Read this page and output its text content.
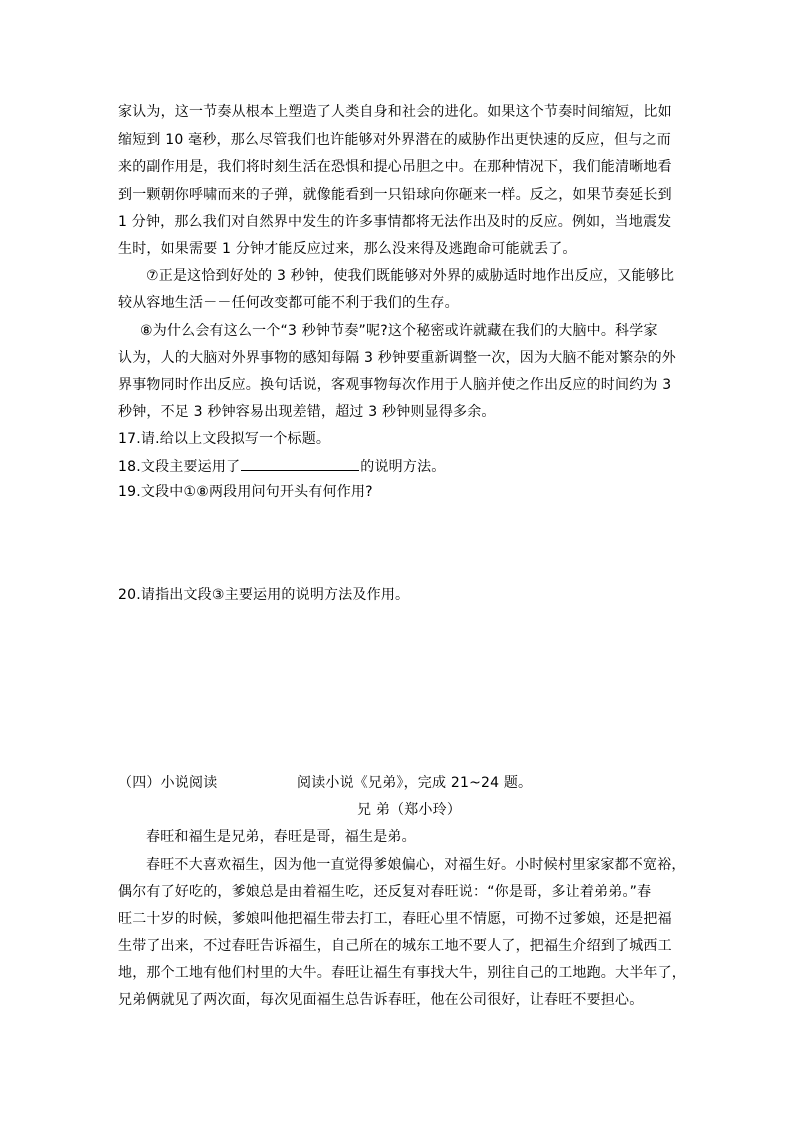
家认为，这一节奏从根本上塑造了人类自身和社会的进化。如果这个节奏时间缩短，比如
缩短到 10 毫秒，那么尽管我们也许能够对外界潜在的威胁作出更快速的反应，但与之而
来的副作用是，我们将时刻生活在恐惧和提心吊胆之中。在那种情况下，我们能清晰地看
到一颗朝你呼啸而来的子弹，就像能看到一只铅球向你砸来一样。反之，如果节奏延长到
1 分钟，那么我们对自然界中发生的许多事情都将无法作出及时的反应。例如，当地震发
生时，如果需要 1 分钟才能反应过来，那么没来得及逃跑命可能就丢了。
⑦正是这恰到好处的 3 秒钟，使我们既能够对外界的威胁适时地作出反应，又能够比
较从容地生活－－任何改变都可能不利于我们的生存。
⑧为什么会有这么一个“3 秒钟节奏”呢?这个秘密或许就藏在我们的大脑中。科学家
认为，人的大脑对外界事物的感知每隔 3 秒钟要重新调整一次，因为大脑不能对繁杂的外
界事物同时作出反应。换句话说，客观事物每次作用于人脑并使之作出反应的时间约为 3
秒钟，不足 3 秒钟容易出现差错，超过 3 秒钟则显得多余。
17.请.给以上文段拟写一个标题。
18.文段主要运用了	的说明方法。
19.文段中①⑧两段用问句开头有何作用?
20.请指出文段③主要运用的说明方法及作用。
（四）小说阅读	阅读小说《兄弟》，完成 21~24 题。
兄 弟（郑小玲）
春旺和福生是兄弟，春旺是哥，福生是弟。
春旺不大喜欢福生，因为他一直觉得爹娘偏心，对福生好。小时候村里家家都不宽裕，
偶尔有了好吃的，爹娘总是由着福生吃，还反复对春旺说：“你是哥，多让着弟弟。”春
旺二十岁的时候，爹娘叫他把福生带去打工，春旺心里不情愿，可拗不过爹娘，还是把福
生带了出来，不过春旺告诉福生，自己所在的城东工地不要人了，把福生介绍到了城西工
地，那个工地有他们村里的大牛。春旺让福生有事找大牛，别往自己的工地跑。大半年了，
兄弟俩就见了两次面，每次见面福生总告诉春旺，他在公司很好，让春旺不要担心。
